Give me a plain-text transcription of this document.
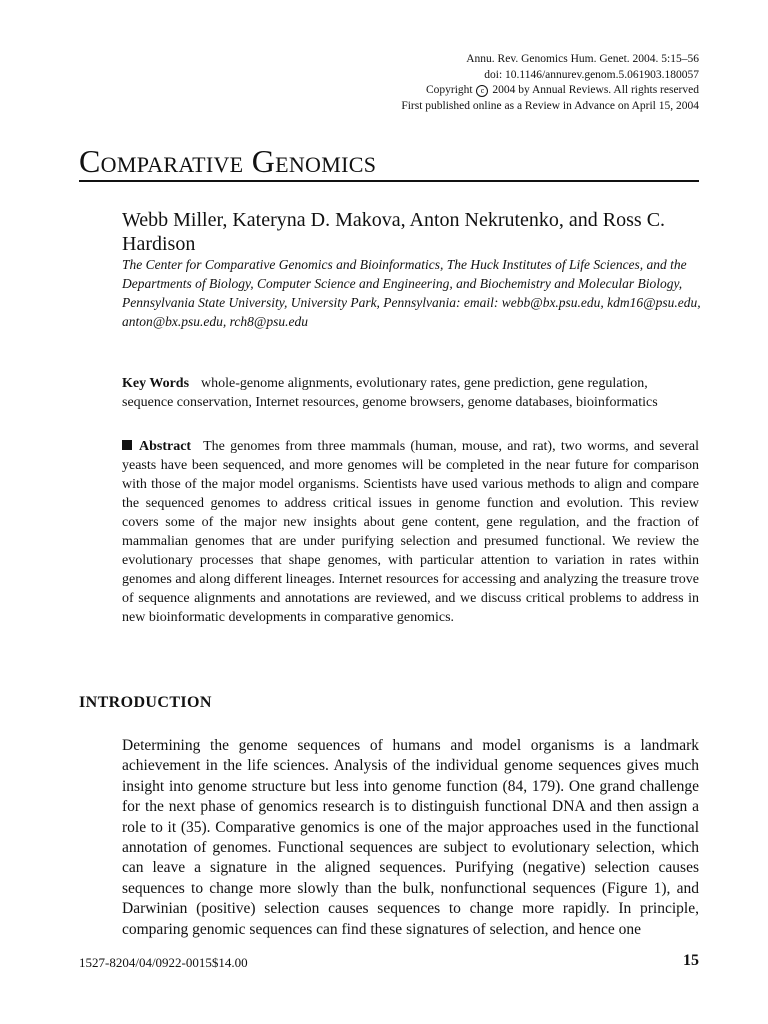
Annu. Rev. Genomics Hum. Genet. 2004. 5:15–56
doi: 10.1146/annurev.genom.5.061903.180057
Copyright c 2004 by Annual Reviews. All rights reserved
First published online as a Review in Advance on April 15, 2004
Comparative Genomics
Webb Miller, Kateryna D. Makova, Anton Nekrutenko, and Ross C. Hardison
The Center for Comparative Genomics and Bioinformatics, The Huck Institutes of Life Sciences, and the Departments of Biology, Computer Science and Engineering, and Biochemistry and Molecular Biology, Pennsylvania State University, University Park, Pennsylvania: email: webb@bx.psu.edu, kdm16@psu.edu, anton@bx.psu.edu, rch8@psu.edu
Key Words whole-genome alignments, evolutionary rates, gene prediction, gene regulation, sequence conservation, Internet resources, genome browsers, genome databases, bioinformatics
Abstract The genomes from three mammals (human, mouse, and rat), two worms, and several yeasts have been sequenced, and more genomes will be completed in the near future for comparison with those of the major model organisms. Scientists have used various methods to align and compare the sequenced genomes to address critical issues in genome function and evolution. This review covers some of the major new insights about gene content, gene regulation, and the fraction of mammalian genomes that are under purifying selection and presumed functional. We review the evolutionary processes that shape genomes, with particular attention to variation in rates within genomes and along different lineages. Internet resources for accessing and analyzing the treasure trove of sequence alignments and annotations are reviewed, and we discuss critical problems to address in new bioinformatic developments in comparative genomics.
INTRODUCTION
Determining the genome sequences of humans and model organisms is a landmark achievement in the life sciences. Analysis of the individual genome sequences gives much insight into genome structure but less into genome function (84, 179). One grand challenge for the next phase of genomics research is to distinguish functional DNA and then assign a role to it (35). Comparative genomics is one of the major approaches used in the functional annotation of genomes. Functional sequences are subject to evolutionary selection, which can leave a signature in the aligned sequences. Purifying (negative) selection causes sequences to change more slowly than the bulk, nonfunctional sequences (Figure 1), and Darwinian (positive) selection causes sequences to change more rapidly. In principle, comparing genomic sequences can find these signatures of selection, and hence one
1527-8204/04/0922-0015$14.00	15
